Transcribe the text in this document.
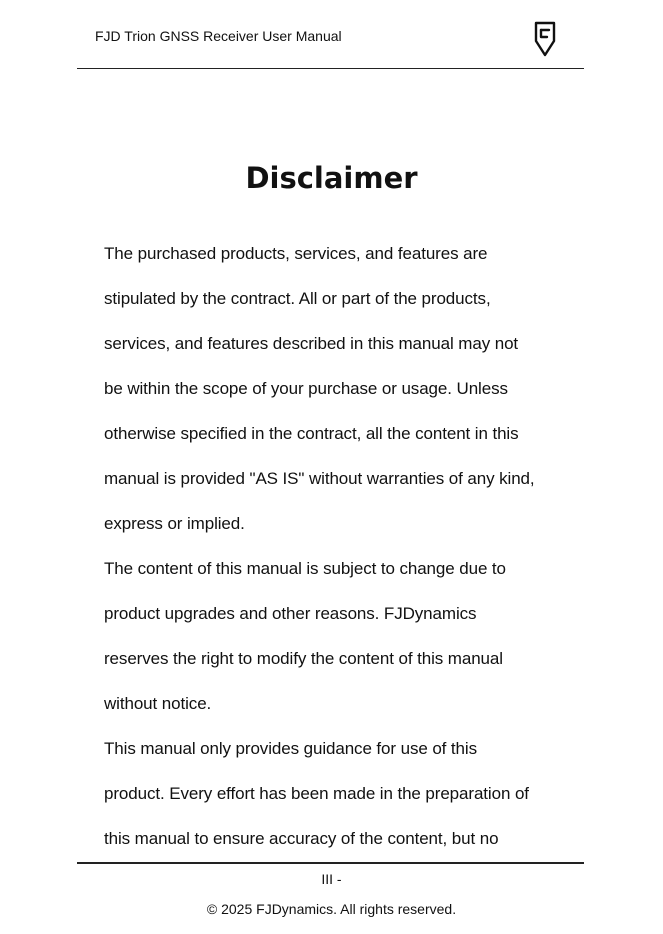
FJD Trion GNSS Receiver User Manual
Disclaimer
The purchased products, services, and features are
stipulated by the contract. All or part of the products,
services, and features described in this manual may not
be within the scope of your purchase or usage. Unless
otherwise specified in the contract, all the content in this
manual is provided "AS IS" without warranties of any kind,
express or implied.
The content of this manual is subject to change due to
product upgrades and other reasons. FJDynamics
reserves the right to modify the content of this manual
without notice.
This manual only provides guidance for use of this
product. Every effort has been made in the preparation of
this manual to ensure accuracy of the content, but no
III -
© 2025 FJDynamics. All rights reserved.
